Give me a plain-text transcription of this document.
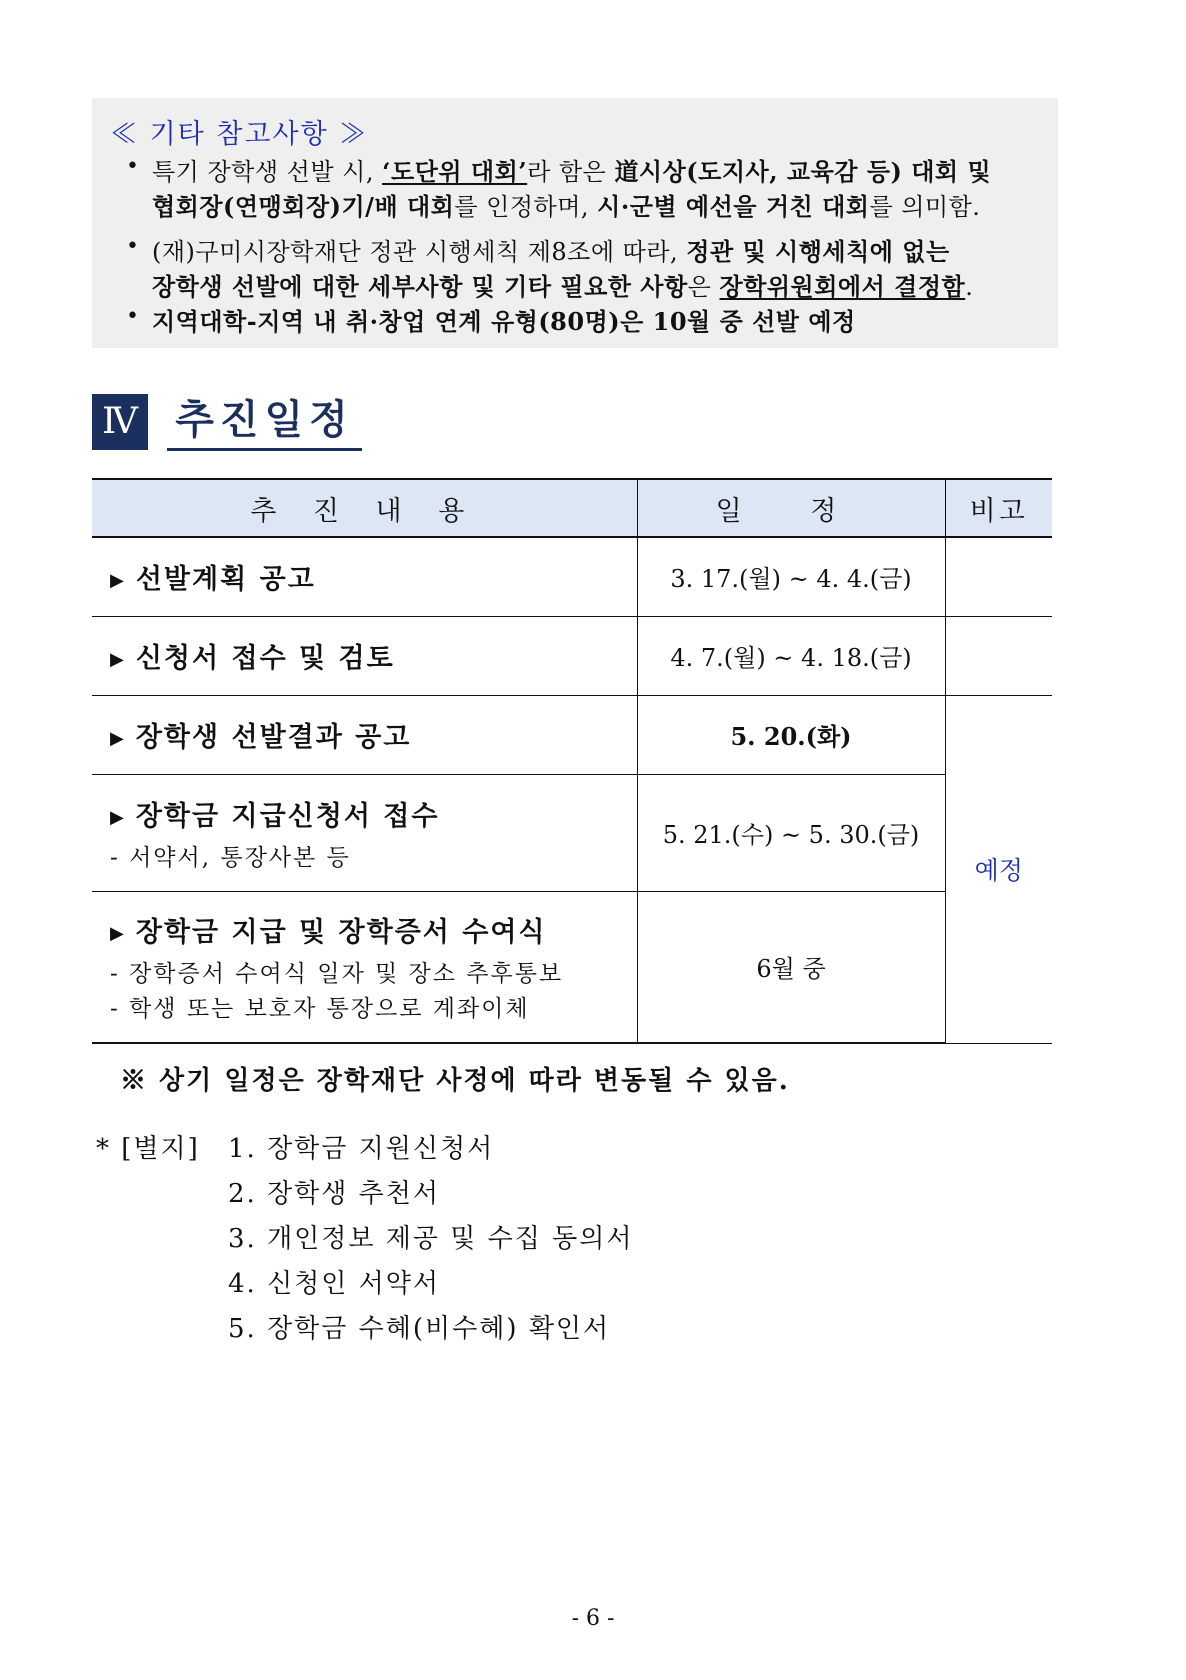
≪ 기타 참고사항 ≫
• 특기 장학생 선발 시, ‘도단위 대회’라 함은 道시상(도지사, 교육감 등) 대회 및
협회장(연맹회장)기/배 대회를 인정하며, 시·군별 예선을 거친 대회를 의미함.
• (재)구미시장학재단 정관 시행세칙 제8조에 따라, 정관 및 시행세칙에 없는
장학생 선발에 대한 세부사항 및 기타 필요한 사항은 장학위원회에서 결정함.
• 지역대학-지역 내 취·창업 연계 유형(80명)은 10월 중 선발 예정
Ⅳ 추진일정
추 진 내 용	일 정	비고

▶ 선발계획 공고	3. 17.(월) ~ 4. 4.(금)	

▶ 신청서 접수 및 검토	4. 7.(월) ~ 4. 18.(금)	

▶ 장학생 선발결과 공고	5. 20.(화)	예정

▶ 장학금 지급신청서 접수
- 서약서, 통장사본 등	5. 21.(수) ~ 5. 30.(금)	

▶ 장학금 지급 및 장학증서 수여식
- 장학증서 수여식 일자 및 장소 추후통보
- 학생 또는 보호자 통장으로 계좌이체	6월 중	
※ 상기 일정은 장학재단 사정에 따라 변동될 수 있음.
* [별지] 1. 장학금 지원신청서
2. 장학생 추천서
3. 개인정보 제공 및 수집 동의서
4. 신청인 서약서
5. 장학금 수혜(비수혜) 확인서
- 6 -
